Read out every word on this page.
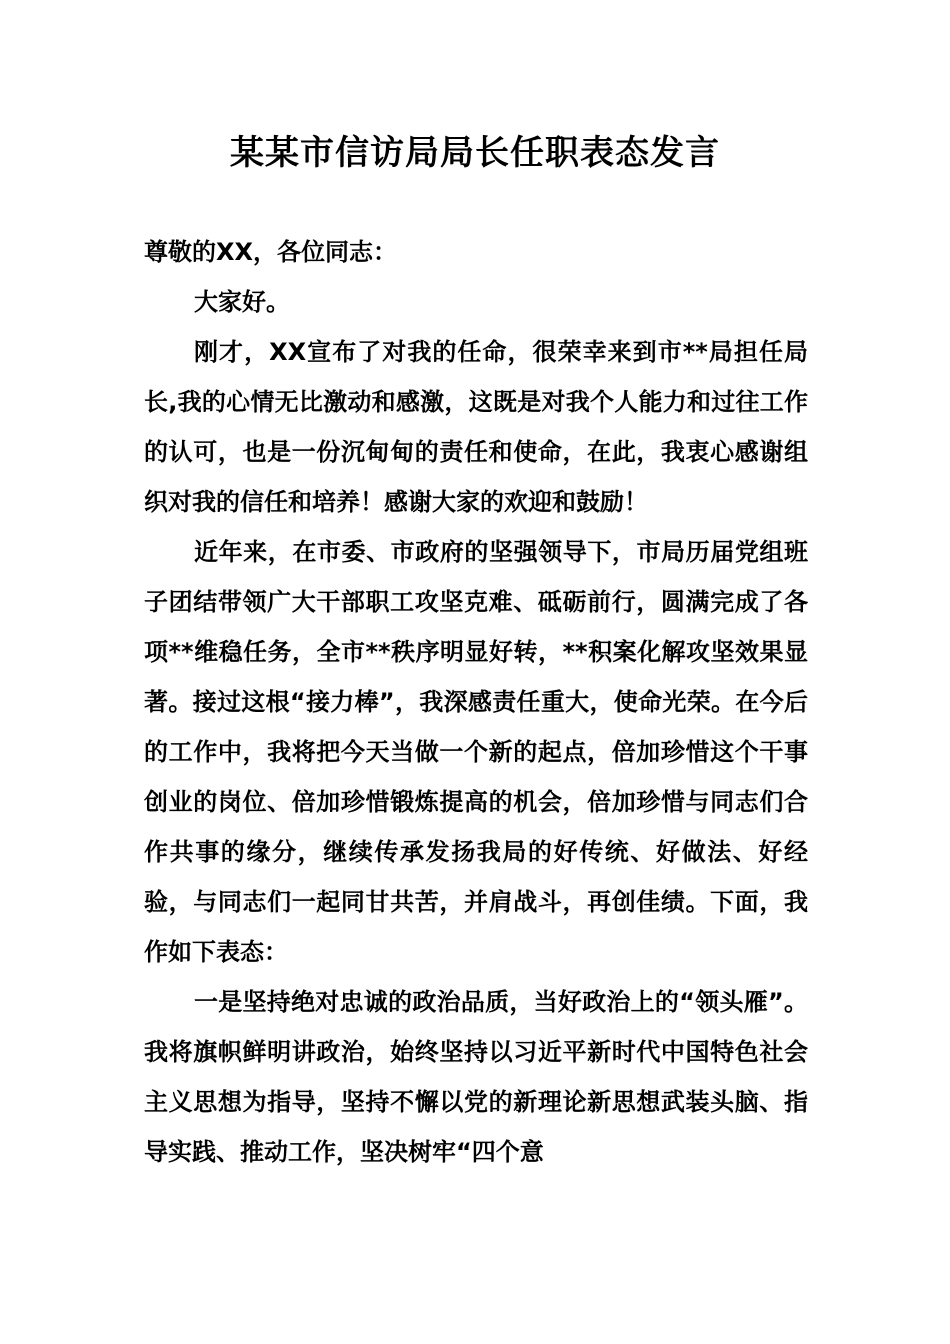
某某市信访局局长任职表态发言

尊敬的XX，各位同志：

大家好。

刚才，XX宣布了对我的任命，很荣幸来到市**局担任局长,我的心情无比激动和感激，这既是对我个人能力和过往工作的认可，也是一份沉甸甸的责任和使命，在此，我衷心感谢组织对我的信任和培养！感谢大家的欢迎和鼓励！

近年来，在市委、市政府的坚强领导下，市局历届党组班子团结带领广大干部职工攻坚克难、砥砺前行，圆满完成了各项**维稳任务，全市**秩序明显好转，**积案化解攻坚效果显著。接过这根“接力棒”，我深感责任重大，使命光荣。在今后的工作中，我将把今天当做一个新的起点，倍加珍惜这个干事创业的岗位、倍加珍惜锻炼提高的机会，倍加珍惜与同志们合作共事的缘分，继续传承发扬我局的好传统、好做法、好经验，与同志们一起同甘共苦，并肩战斗，再创佳绩。下面，我作如下表态：

一是坚持绝对忠诚的政治品质，当好政治上的“领头雁”。我将旗帜鲜明讲政治，始终坚持以习近平新时代中国特色社会主义思想为指导，坚持不懈以党的新理论新思想武装头脑、指导实践、推动工作，坚决树牢“四个意
